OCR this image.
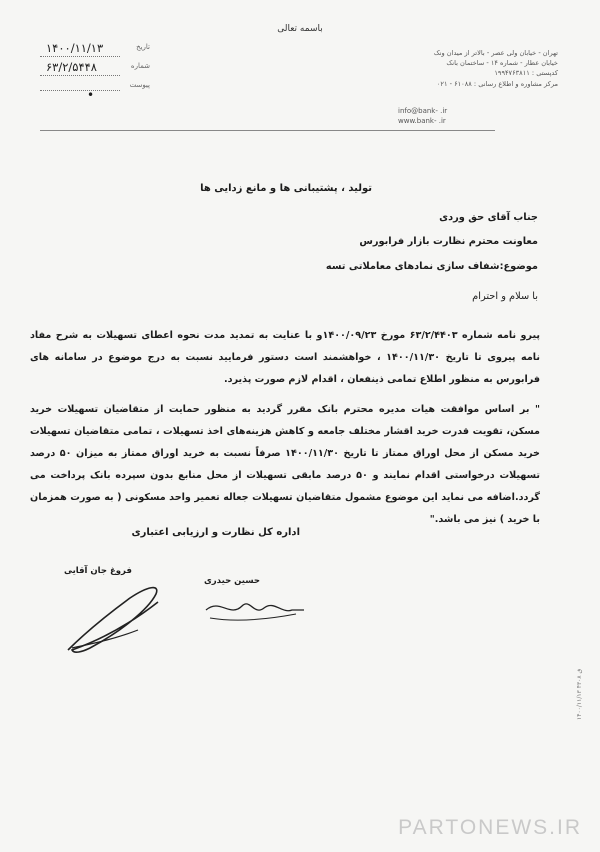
باسمه تعالی
تاریخ
۱۴۰۰/۱۱/۱۳
شماره
۶۳/۲/۵۴۴۸
پیوست
•
تهران - خیابان ولی عصر - بالاتر از میدان ونک
خیابان عطار - شماره ۱۴ - ساختمان بانک
کدپستی : ۱۹۹۴۷۶۳۸۱۱
مرکز مشاوره و اطلاع رسانی : ۶۱۰۸۸ - ۰۲۱
info@bank- .ir
www.bank- .ir
تولید ، پشتیبانی ها و مانع زدایی ها
جناب آقای حق وردی
معاونت محترم نظارت بازار فرابورس
موضوع:شفاف سازی نمادهای معاملاتی تسه
با سلام و احترام
پیرو نامه شماره ۶۳/۲/۴۴۰۳ مورخ ۱۴۰۰/۰۹/۲۳و با عنایت به تمدید مدت نحوه اعطای تسهیلات به شرح مفاد نامه پیروی تا تاریخ ۱۴۰۰/۱۱/۳۰ ، خواهشمند است دستور فرمایید نسبت به درج موضوع در سامانه های فرابورس به منظور اطلاع تمامی ذینفعان ، اقدام لازم صورت پذیرد.
" بر اساس موافقت هیات مدیره محترم بانک مقرر گردید به منظور حمایت از متقاضیان تسهیلات خرید مسکن، تقویت قدرت خرید اقشار مختلف جامعه و کاهش هزینه‌های اخذ تسهیلات ، تمامی متقاضیان تسهیلات خرید مسکن از محل اوراق ممتاز تا تاریخ ۱۴۰۰/۱۱/۳۰ صرفاً نسبت به خرید اوراق ممتاز به میزان ۵۰ درصد تسهیلات درخواستی اقدام نمایند و ۵۰ درصد مابقی تسهیلات از محل منابع بدون سپرده بانک پرداخت می گردد.اضافه می نماید این موضوع مشمول متقاضیان تسهیلات جعاله تعمیر واحد مسکونی ( به صورت همزمان با خرید ) نیز می باشد."
اداره کل نظارت و ارزیابی اعتباری
فروغ جان آقایی
حسین حیدری
۱۴۰۰/۱۱/۱۳ ق ۴۳۰۸
PARTONEWS.IR
